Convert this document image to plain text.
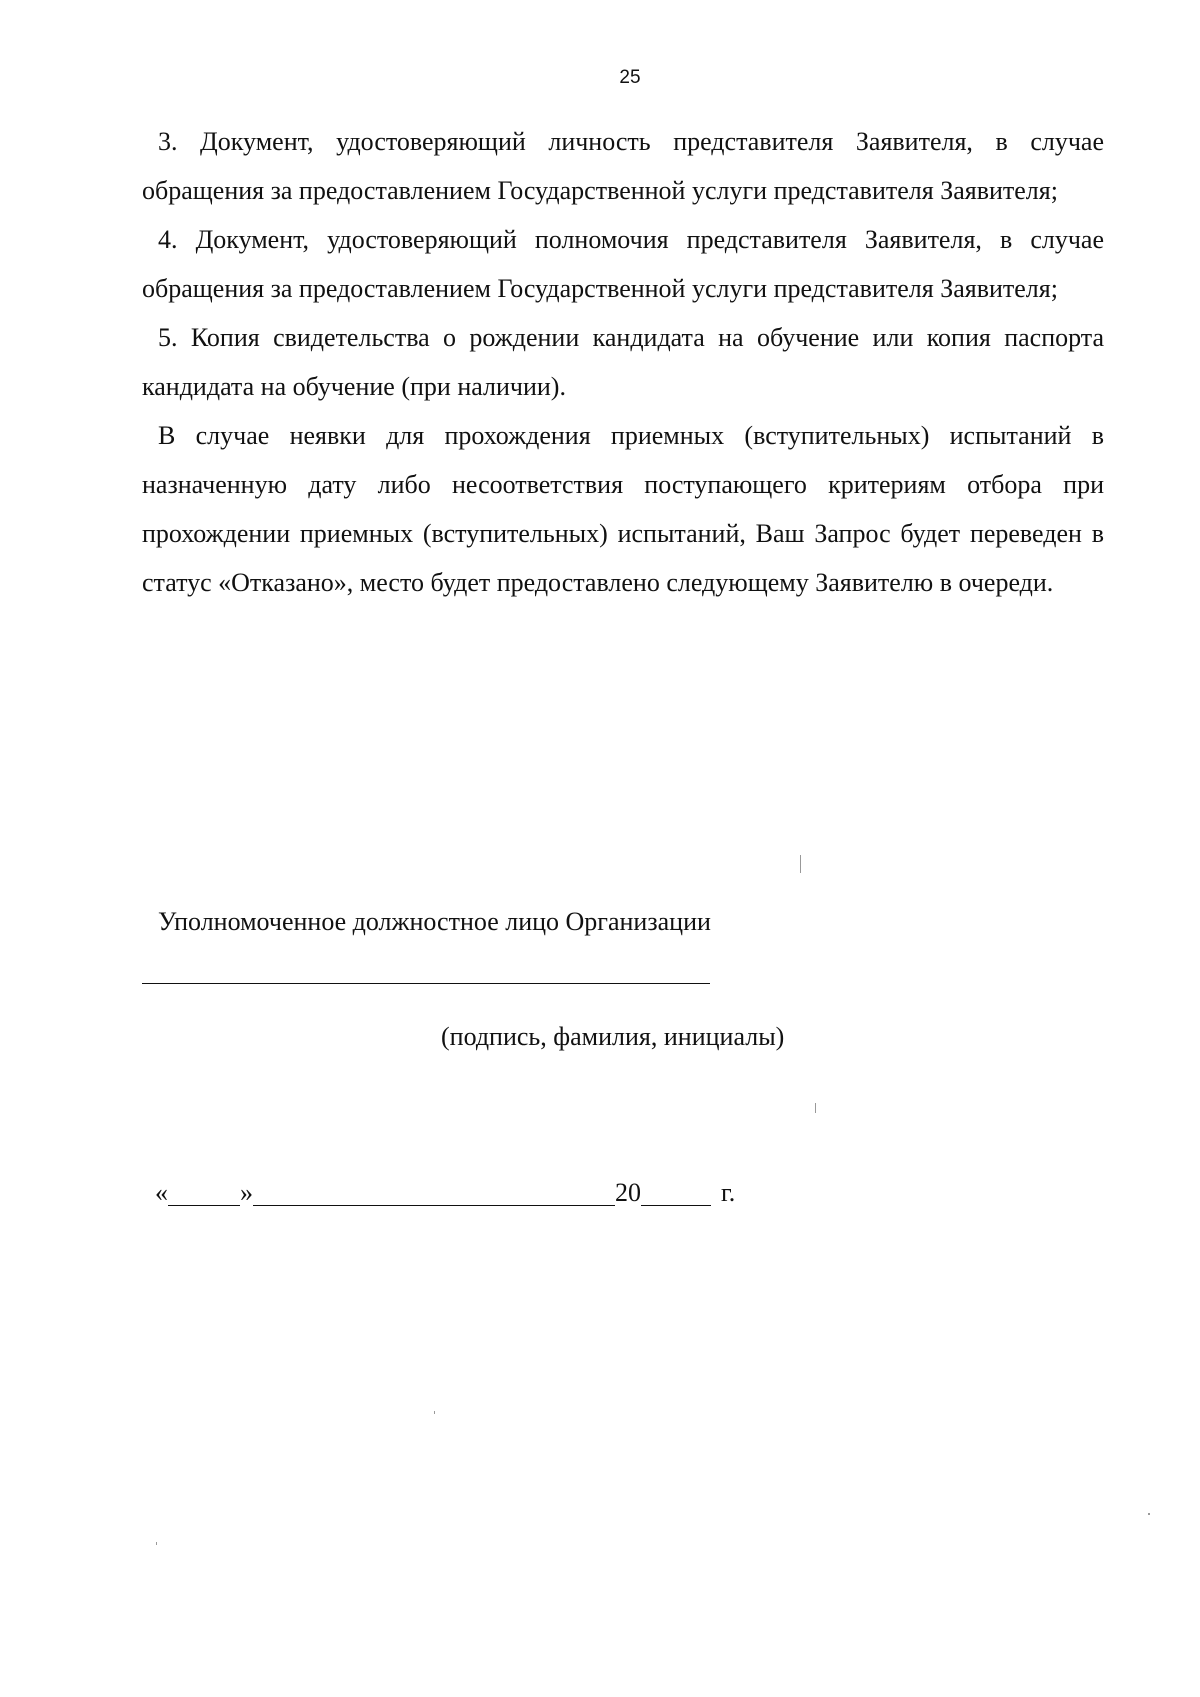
25

3. Документ, удостоверяющий личность представителя Заявителя, в случае обращения за предоставлением Государственной услуги представителя Заявителя;

4. Документ, удостоверяющий полномочия представителя Заявителя, в случае обращения за предоставлением Государственной услуги представителя Заявителя;

5. Копия свидетельства о рождении кандидата на обучение или копия паспорта кандидата на обучение (при наличии).

В случае неявки для прохождения приемных (вступительных) испытаний в назначенную дату либо несоответствия поступающего критериям отбора при прохождении приемных (вступительных) испытаний, Ваш Запрос будет переведен в статус «Отказано», место будет предоставлено следующему Заявителю в очереди.

Уполномоченное должностное лицо Организации
(подпись, фамилия, инициалы)
«	»	20	г.
